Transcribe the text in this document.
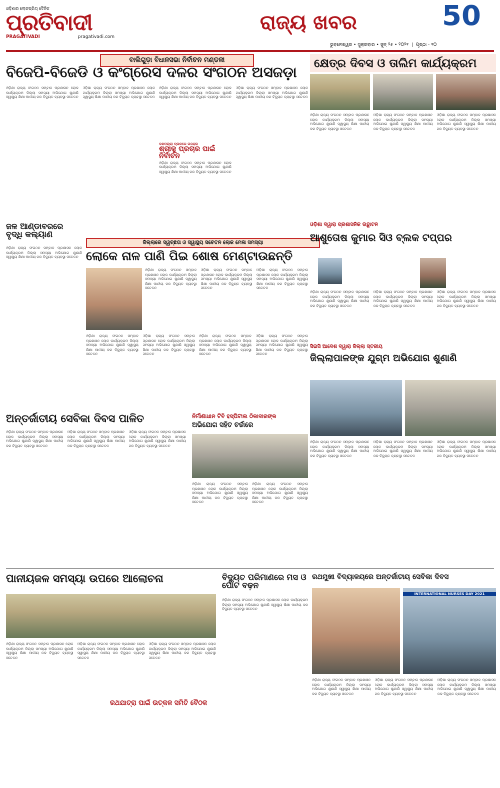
ଓଡ଼ିଶାର ଲୋକପ୍ରିୟ ଦୈନିକ
ପ୍ରତିବାଦୀ
PRAGATIVADI	pragativadi.com
ରାଜ୍ୟ ଖବର	50
ଭୁବନେଶ୍ୱର • ସୁକ୍ରବାର • ଜୁନ୍ ୨୫ • ୨୦୨୧  |  ପୃଷ୍ଠା - ୧୦
ବାଲିଗୁଡ଼ା ବିଧାନସଭା ନିର୍ବାଚନ ମଣ୍ଡଳୀ
ବିଜେପି-ବିଜେଡି ଓ କଂଗ୍ରେସ ଦଳର ସଂଗଠନ ଅସଜଡ଼ା
ଓଡ଼ିଶା ରାଜ୍ୟ ସଂଗଠନ ସମ୍ବାଦ ପ୍ରଶାସନ ଲୋକ କାର୍ଯ୍ୟକ୍ରମ ଜିଲ୍ଲା ସମସ୍ୟା ଅଭିଯୋଗ ଶୁଣାଣି ସ୍ୱାସ୍ଥ୍ୟ ଶିକ୍ଷା ପାନୀୟ ଜଳ ବିଦ୍ୟୁତ ବ୍ୟବସ୍ଥା ସଚେତନ
ଓଡ଼ିଶା ରାଜ୍ୟ ସଂଗଠନ ସମ୍ବାଦ ପ୍ରଶାସନ ଲୋକ କାର୍ଯ୍ୟକ୍ରମ ଜିଲ୍ଲା ସମସ୍ୟା ଅଭିଯୋଗ ଶୁଣାଣି ସ୍ୱାସ୍ଥ୍ୟ ଶିକ୍ଷା ପାନୀୟ ଜଳ ବିଦ୍ୟୁତ ବ୍ୟବସ୍ଥା ସଚେତନ
ଓଡ଼ିଶା ରାଜ୍ୟ ସଂଗଠନ ସମ୍ବାଦ ପ୍ରଶାସନ ଲୋକ କାର୍ଯ୍ୟକ୍ରମ ଜିଲ୍ଲା ସମସ୍ୟା ଅଭିଯୋଗ ଶୁଣାଣି ସ୍ୱାସ୍ଥ୍ୟ ଶିକ୍ଷା ପାନୀୟ ଜଳ ବିଦ୍ୟୁତ ବ୍ୟବସ୍ଥା ସଚେତନ
ଦଶପଲ୍ଲା ବ୍ଲକରେ ଗଜରାଜ
ଶ୍ରୀକୁ ପ୍ରଚାର ପାଇଁ ନିର୍ବାଚନ
ଓଡ଼ିଶା ରାଜ୍ୟ ସଂଗଠନ ସମ୍ବାଦ ପ୍ରଶାସନ ଲୋକ କାର୍ଯ୍ୟକ୍ରମ ଜିଲ୍ଲା ସମସ୍ୟା ଅଭିଯୋଗ ଶୁଣାଣି ସ୍ୱାସ୍ଥ୍ୟ ଶିକ୍ଷା ପାନୀୟ ଜଳ ବିଦ୍ୟୁତ ବ୍ୟବସ୍ଥା ସଚେତନ
ଓଡ଼ିଶା ରାଜ୍ୟ ସଂଗଠନ ସମ୍ବାଦ ପ୍ରଶାସନ ଲୋକ କାର୍ଯ୍ୟକ୍ରମ ଜିଲ୍ଲା ସମସ୍ୟା ଅଭିଯୋଗ ଶୁଣାଣି ସ୍ୱାସ୍ଥ୍ୟ ଶିକ୍ଷା ପାନୀୟ ଜଳ ବିଦ୍ୟୁତ ବ୍ୟବସ୍ଥା ସଚେତନ
କ୍ଷେତ୍ର ଦିବସ ଓ ତାଲିମ କାର୍ଯ୍ୟକ୍ରମ
ଓଡ଼ିଶା ରାଜ୍ୟ ସଂଗଠନ ସମ୍ବାଦ ପ୍ରଶାସନ ଲୋକ କାର୍ଯ୍ୟକ୍ରମ ଜିଲ୍ଲା ସମସ୍ୟା ଅଭିଯୋଗ ଶୁଣାଣି ସ୍ୱାସ୍ଥ୍ୟ ଶିକ୍ଷା ପାନୀୟ ଜଳ ବିଦ୍ୟୁତ ବ୍ୟବସ୍ଥା ସଚେତନ
ଓଡ଼ିଶା ରାଜ୍ୟ ସଂଗଠନ ସମ୍ବାଦ ପ୍ରଶାସନ ଲୋକ କାର୍ଯ୍ୟକ୍ରମ ଜିଲ୍ଲା ସମସ୍ୟା ଅଭିଯୋଗ ଶୁଣାଣି ସ୍ୱାସ୍ଥ୍ୟ ଶିକ୍ଷା ପାନୀୟ ଜଳ ବିଦ୍ୟୁତ ବ୍ୟବସ୍ଥା ସଚେତନ
ଓଡ଼ିଶା ରାଜ୍ୟ ସଂଗଠନ ସମ୍ବାଦ ପ୍ରଶାସନ ଲୋକ କାର୍ଯ୍ୟକ୍ରମ ଜିଲ୍ଲା ସମସ୍ୟା ଅଭିଯୋଗ ଶୁଣାଣି ସ୍ୱାସ୍ଥ୍ୟ ଶିକ୍ଷା ପାନୀୟ ଜଳ ବିଦ୍ୟୁତ ବ୍ୟବସ୍ଥା ସଚେତନ
ଜଳ ଆଣ୍ଡାବରରେ ବୃଦ୍ଧି କଲ୍ୟାଣ
ଓଡ଼ିଶା ରାଜ୍ୟ ସଂଗଠନ ସମ୍ବାଦ ପ୍ରଶାସନ ଲୋକ କାର୍ଯ୍ୟକ୍ରମ ଜିଲ୍ଲା ସମସ୍ୟା ଅଭିଯୋଗ ଶୁଣାଣି ସ୍ୱାସ୍ଥ୍ୟ ଶିକ୍ଷା ପାନୀୟ ଜଳ ବିଦ୍ୟୁତ ବ୍ୟବସ୍ଥା ସଚେତନ
ଜିଲ୍ଲାରେ ସ୍ୱଚ୍ଛତା ଓ ସ୍ୱାସ୍ଥ୍ୟ ସଚେତନ ଲୋକ ମେଳା ସମସ୍ୟା
ଲୋକେ ନାଳ ପାଣି ପିଇ ଶୋଷ ମେଣ୍ଟାଉଛନ୍ତି
ଓଡ଼ିଶା ରାଜ୍ୟ ସଂଗଠନ ସମ୍ବାଦ ପ୍ରଶାସନ ଲୋକ କାର୍ଯ୍ୟକ୍ରମ ଜିଲ୍ଲା ସମସ୍ୟା ଅଭିଯୋଗ ଶୁଣାଣି ସ୍ୱାସ୍ଥ୍ୟ ଶିକ୍ଷା ପାନୀୟ ଜଳ ବିଦ୍ୟୁତ ବ୍ୟବସ୍ଥା ସଚେତନ
ଓଡ଼ିଶା ରାଜ୍ୟ ସଂଗଠନ ସମ୍ବାଦ ପ୍ରଶାସନ ଲୋକ କାର୍ଯ୍ୟକ୍ରମ ଜିଲ୍ଲା ସମସ୍ୟା ଅଭିଯୋଗ ଶୁଣାଣି ସ୍ୱାସ୍ଥ୍ୟ ଶିକ୍ଷା ପାନୀୟ ଜଳ ବିଦ୍ୟୁତ ବ୍ୟବସ୍ଥା ସଚେତନ
ଓଡ଼ିଶା ରାଜ୍ୟ ସଂଗଠନ ସମ୍ବାଦ ପ୍ରଶାସନ ଲୋକ କାର୍ଯ୍ୟକ୍ରମ ଜିଲ୍ଲା ସମସ୍ୟା ଅଭିଯୋଗ ଶୁଣାଣି ସ୍ୱାସ୍ଥ୍ୟ ଶିକ୍ଷା ପାନୀୟ ଜଳ ବିଦ୍ୟୁତ ବ୍ୟବସ୍ଥା ସଚେତନ
ଓଡ଼ିଶା ରାଜ୍ୟ ସଂଗଠନ ସମ୍ବାଦ ପ୍ରଶାସନ ଲୋକ କାର୍ଯ୍ୟକ୍ରମ ଜିଲ୍ଲା ସମସ୍ୟା ଅଭିଯୋଗ ଶୁଣାଣି ସ୍ୱାସ୍ଥ୍ୟ ଶିକ୍ଷା ପାନୀୟ ଜଳ ବିଦ୍ୟୁତ ବ୍ୟବସ୍ଥା ସଚେତନ
ଓଡ଼ିଶା ରାଜ୍ୟ ସଂଗଠନ ସମ୍ବାଦ ପ୍ରଶାସନ ଲୋକ କାର୍ଯ୍ୟକ୍ରମ ଜିଲ୍ଲା ସମସ୍ୟା ଅଭିଯୋଗ ଶୁଣାଣି ସ୍ୱାସ୍ଥ୍ୟ ଶିକ୍ଷା ପାନୀୟ ଜଳ ବିଦ୍ୟୁତ ବ୍ୟବସ୍ଥା ସଚେତନ
ଓଡ଼ିଶା ରାଜ୍ୟ ସଂଗଠନ ସମ୍ବାଦ ପ୍ରଶାସନ ଲୋକ କାର୍ଯ୍ୟକ୍ରମ ଜିଲ୍ଲା ସମସ୍ୟା ଅଭିଯୋଗ ଶୁଣାଣି ସ୍ୱାସ୍ଥ୍ୟ ଶିକ୍ଷା ପାନୀୟ ଜଳ ବିଦ୍ୟୁତ ବ୍ୟବସ୍ଥା ସଚେତନ
ଓଡ଼ିଶା ରାଜ୍ୟ ସଂଗଠନ ସମ୍ବାଦ ପ୍ରଶାସନ ଲୋକ କାର୍ଯ୍ୟକ୍ରମ ଜିଲ୍ଲା ସମସ୍ୟା ଅଭିଯୋଗ ଶୁଣାଣି ସ୍ୱାସ୍ଥ୍ୟ ଶିକ୍ଷା ପାନୀୟ ଜଳ ବିଦ୍ୟୁତ ବ୍ୟବସ୍ଥା ସଚେତନ
ଓଡ଼ିଶା ଦ୍ୱାରା ପ୍ରଶାସନିକ ଉଦ୍ଘାଟନ
ଆଶୁତୋଷ କୁମାର ସିଓ ବ୍ଲକ ଟପ୍ପର
ଓଡ଼ିଶା ରାଜ୍ୟ ସଂଗଠନ ସମ୍ବାଦ ପ୍ରଶାସନ ଲୋକ କାର୍ଯ୍ୟକ୍ରମ ଜିଲ୍ଲା ସମସ୍ୟା ଅଭିଯୋଗ ଶୁଣାଣି ସ୍ୱାସ୍ଥ୍ୟ ଶିକ୍ଷା ପାନୀୟ ଜଳ ବିଦ୍ୟୁତ ବ୍ୟବସ୍ଥା ସଚେତନ
ଓଡ଼ିଶା ରାଜ୍ୟ ସଂଗଠନ ସମ୍ବାଦ ପ୍ରଶାସନ ଲୋକ କାର୍ଯ୍ୟକ୍ରମ ଜିଲ୍ଲା ସମସ୍ୟା ଅଭିଯୋଗ ଶୁଣାଣି ସ୍ୱାସ୍ଥ୍ୟ ଶିକ୍ଷା ପାନୀୟ ଜଳ ବିଦ୍ୟୁତ ବ୍ୟବସ୍ଥା ସଚେତନ
ଓଡ଼ିଶା ରାଜ୍ୟ ସଂଗଠନ ସମ୍ବାଦ ପ୍ରଶାସନ ଲୋକ କାର୍ଯ୍ୟକ୍ରମ ଜିଲ୍ଲା ସମସ୍ୟା ଅଭିଯୋଗ ଶୁଣାଣି ସ୍ୱାସ୍ଥ୍ୟ ଶିକ୍ଷା ପାନୀୟ ଜଳ ବିଦ୍ୟୁତ ବ୍ୟବସ୍ଥା ସଚେତନ
ଅନ୍ତର୍ଜାତୀୟ ସେବିକା ଦିବସ ପାଳିତ
ଓଡ଼ିଶା ରାଜ୍ୟ ସଂଗଠନ ସମ୍ବାଦ ପ୍ରଶାସନ ଲୋକ କାର୍ଯ୍ୟକ୍ରମ ଜିଲ୍ଲା ସମସ୍ୟା ଅଭିଯୋଗ ଶୁଣାଣି ସ୍ୱାସ୍ଥ୍ୟ ଶିକ୍ଷା ପାନୀୟ ଜଳ ବିଦ୍ୟୁତ ବ୍ୟବସ୍ଥା ସଚେତନ
ଓଡ଼ିଶା ରାଜ୍ୟ ସଂଗଠନ ସମ୍ବାଦ ପ୍ରଶାସନ ଲୋକ କାର୍ଯ୍ୟକ୍ରମ ଜିଲ୍ଲା ସମସ୍ୟା ଅଭିଯୋଗ ଶୁଣାଣି ସ୍ୱାସ୍ଥ୍ୟ ଶିକ୍ଷା ପାନୀୟ ଜଳ ବିଦ୍ୟୁତ ବ୍ୟବସ୍ଥା ସଚେତନ
ଓଡ଼ିଶା ରାଜ୍ୟ ସଂଗଠନ ସମ୍ବାଦ ପ୍ରଶାସନ ଲୋକ କାର୍ଯ୍ୟକ୍ରମ ଜିଲ୍ଲା ସମସ୍ୟା ଅଭିଯୋଗ ଶୁଣାଣି ସ୍ୱାସ୍ଥ୍ୟ ଶିକ୍ଷା ପାନୀୟ ଜଳ ବିଦ୍ୟୁତ ବ୍ୟବସ୍ଥା ସଚେତନ
ନିର୍ମାଣାଧୀନ ଟିବି ହସ୍ପିଟାଲ ଠିକାଦାରଙ୍କ
ଅଭିଯୋଗ ସହିତ ଚର୍ଚ୍ଚାରେ
ଓଡ଼ିଶା ରାଜ୍ୟ ସଂଗଠନ ସମ୍ବାଦ ପ୍ରଶାସନ ଲୋକ କାର୍ଯ୍ୟକ୍ରମ ଜିଲ୍ଲା ସମସ୍ୟା ଅଭିଯୋଗ ଶୁଣାଣି ସ୍ୱାସ୍ଥ୍ୟ ଶିକ୍ଷା ପାନୀୟ ଜଳ ବିଦ୍ୟୁତ ବ୍ୟବସ୍ଥା ସଚେତନ
ଓଡ଼ିଶା ରାଜ୍ୟ ସଂଗଠନ ସମ୍ବାଦ ପ୍ରଶାସନ ଲୋକ କାର୍ଯ୍ୟକ୍ରମ ଜିଲ୍ଲା ସମସ୍ୟା ଅଭିଯୋଗ ଶୁଣାଣି ସ୍ୱାସ୍ଥ୍ୟ ଶିକ୍ଷା ପାନୀୟ ଜଳ ବିଦ୍ୟୁତ ବ୍ୟବସ୍ଥା ସଚେତନ
ସିଇସି ଆଦେଶ ଦ୍ୱାରା ଜିଲ୍ଲା ସ୍ତରୀୟ
ଜିଲ୍ଲାପାଳଙ୍କ ଯୁଗ୍ମ ଅଭିଯୋଗ ଶୁଣାଣି
ଓଡ଼ିଶା ରାଜ୍ୟ ସଂଗଠନ ସମ୍ବାଦ ପ୍ରଶାସନ ଲୋକ କାର୍ଯ୍ୟକ୍ରମ ଜିଲ୍ଲା ସମସ୍ୟା ଅଭିଯୋଗ ଶୁଣାଣି ସ୍ୱାସ୍ଥ୍ୟ ଶିକ୍ଷା ପାନୀୟ ଜଳ ବିଦ୍ୟୁତ ବ୍ୟବସ୍ଥା ସଚେତନ
ଓଡ଼ିଶା ରାଜ୍ୟ ସଂଗଠନ ସମ୍ବାଦ ପ୍ରଶାସନ ଲୋକ କାର୍ଯ୍ୟକ୍ରମ ଜିଲ୍ଲା ସମସ୍ୟା ଅଭିଯୋଗ ଶୁଣାଣି ସ୍ୱାସ୍ଥ୍ୟ ଶିକ୍ଷା ପାନୀୟ ଜଳ ବିଦ୍ୟୁତ ବ୍ୟବସ୍ଥା ସଚେତନ
ଓଡ଼ିଶା ରାଜ୍ୟ ସଂଗଠନ ସମ୍ବାଦ ପ୍ରଶାସନ ଲୋକ କାର୍ଯ୍ୟକ୍ରମ ଜିଲ୍ଲା ସମସ୍ୟା ଅଭିଯୋଗ ଶୁଣାଣି ସ୍ୱାସ୍ଥ୍ୟ ଶିକ୍ଷା ପାନୀୟ ଜଳ ବିଦ୍ୟୁତ ବ୍ୟବସ୍ଥା ସଚେତନ
ପାନୀୟଜଳ ସମସ୍ୟା ଉପରେ ଆଲୋଚନା
ଓଡ଼ିଶା ରାଜ୍ୟ ସଂଗଠନ ସମ୍ବାଦ ପ୍ରଶାସନ ଲୋକ କାର୍ଯ୍ୟକ୍ରମ ଜିଲ୍ଲା ସମସ୍ୟା ଅଭିଯୋଗ ଶୁଣାଣି ସ୍ୱାସ୍ଥ୍ୟ ଶିକ୍ଷା ପାନୀୟ ଜଳ ବିଦ୍ୟୁତ ବ୍ୟବସ୍ଥା ସଚେତନ
ଓଡ଼ିଶା ରାଜ୍ୟ ସଂଗଠନ ସମ୍ବାଦ ପ୍ରଶାସନ ଲୋକ କାର୍ଯ୍ୟକ୍ରମ ଜିଲ୍ଲା ସମସ୍ୟା ଅଭିଯୋଗ ଶୁଣାଣି ସ୍ୱାସ୍ଥ୍ୟ ଶିକ୍ଷା ପାନୀୟ ଜଳ ବିଦ୍ୟୁତ ବ୍ୟବସ୍ଥା ସଚେତନ
ଓଡ଼ିଶା ରାଜ୍ୟ ସଂଗଠନ ସମ୍ବାଦ ପ୍ରଶାସନ ଲୋକ କାର୍ଯ୍ୟକ୍ରମ ଜିଲ୍ଲା ସମସ୍ୟା ଅଭିଯୋଗ ଶୁଣାଣି ସ୍ୱାସ୍ଥ୍ୟ ଶିକ୍ଷା ପାନୀୟ ଜଳ ବିଦ୍ୟୁତ ବ୍ୟବସ୍ଥା ସଚେତନ
ରଥଯାତ୍ରା ପାଇଁ ଉତ୍କଳ ସମିତି ବୈଠକ
ବିଦ୍ୟୁତ ପରିମାଣରେ ମସ ଓ ପୋଟ ବଢ଼ନ
ଓଡ଼ିଶା ରାଜ୍ୟ ସଂଗଠନ ସମ୍ବାଦ ପ୍ରଶାସନ ଲୋକ କାର୍ଯ୍ୟକ୍ରମ ଜିଲ୍ଲା ସମସ୍ୟା ଅଭିଯୋଗ ଶୁଣାଣି ସ୍ୱାସ୍ଥ୍ୟ ଶିକ୍ଷା ପାନୀୟ ଜଳ ବିଦ୍ୟୁତ ବ୍ୟବସ୍ଥା ସଚେତନ
ରଥମୁଖୀ ବିଦ୍ୟାଳୟରେ ଅନ୍ତର୍ଜାତୀୟ ସେବିକା ଦିବସ
INTERNATIONAL NURSES DAY 2021
ଓଡ଼ିଶା ରାଜ୍ୟ ସଂଗଠନ ସମ୍ବାଦ ପ୍ରଶାସନ ଲୋକ କାର୍ଯ୍ୟକ୍ରମ ଜିଲ୍ଲା ସମସ୍ୟା ଅଭିଯୋଗ ଶୁଣାଣି ସ୍ୱାସ୍ଥ୍ୟ ଶିକ୍ଷା ପାନୀୟ ଜଳ ବିଦ୍ୟୁତ ବ୍ୟବସ୍ଥା ସଚେତନ
ଓଡ଼ିଶା ରାଜ୍ୟ ସଂଗଠନ ସମ୍ବାଦ ପ୍ରଶାସନ ଲୋକ କାର୍ଯ୍ୟକ୍ରମ ଜିଲ୍ଲା ସମସ୍ୟା ଅଭିଯୋଗ ଶୁଣାଣି ସ୍ୱାସ୍ଥ୍ୟ ଶିକ୍ଷା ପାନୀୟ ଜଳ ବିଦ୍ୟୁତ ବ୍ୟବସ୍ଥା ସଚେତନ
ଓଡ଼ିଶା ରାଜ୍ୟ ସଂଗଠନ ସମ୍ବାଦ ପ୍ରଶାସନ ଲୋକ କାର୍ଯ୍ୟକ୍ରମ ଜିଲ୍ଲା ସମସ୍ୟା ଅଭିଯୋଗ ଶୁଣାଣି ସ୍ୱାସ୍ଥ୍ୟ ଶିକ୍ଷା ପାନୀୟ ଜଳ ବିଦ୍ୟୁତ ବ୍ୟବସ୍ଥା ସଚେତନ
